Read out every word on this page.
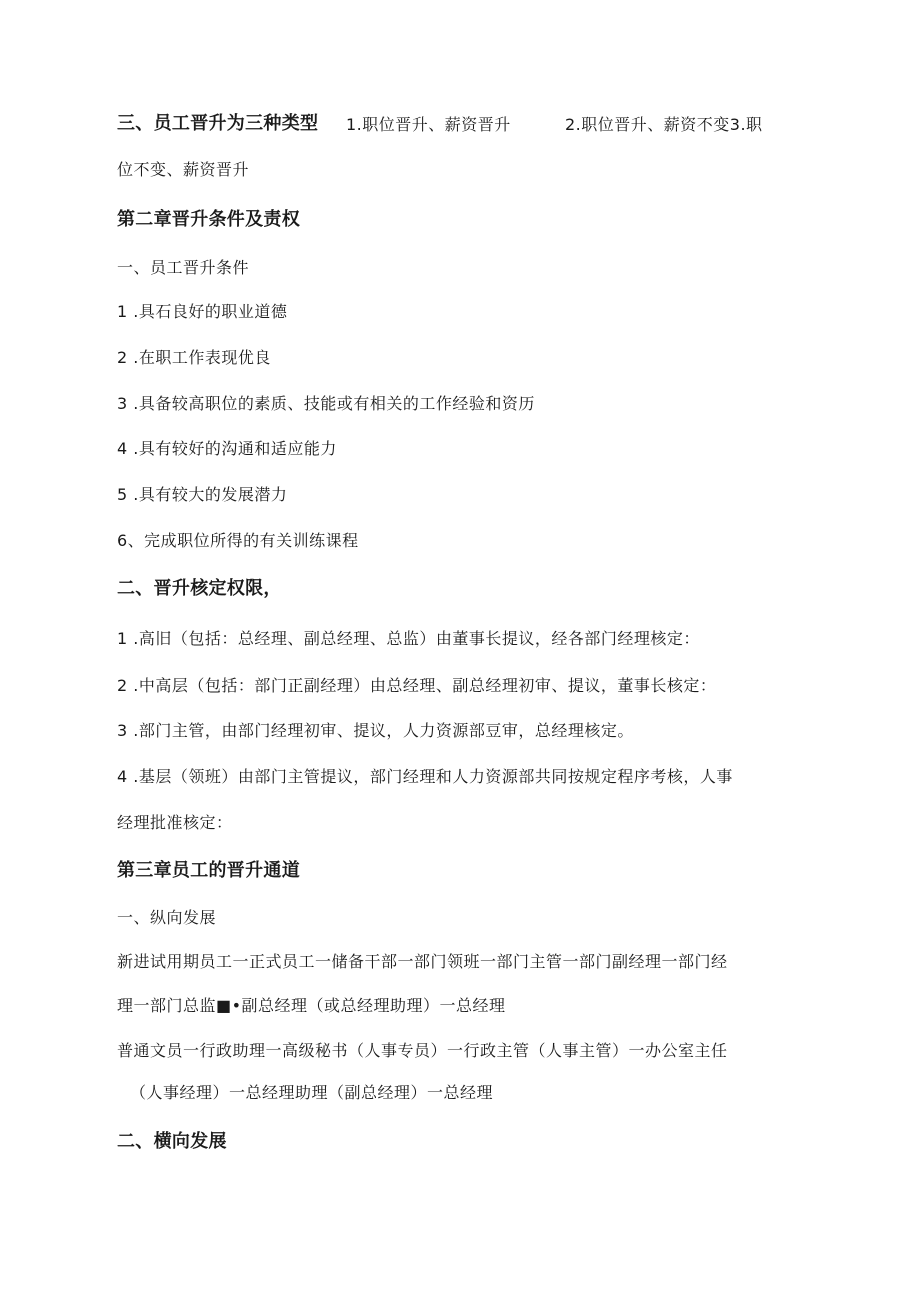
三、员工晋升为三种类型 1.职位晋升、薪资晋升	2.职位晋升、薪资不变3.职
位不变、薪资晋升
第二章晋升条件及责权
一、员工晋升条件
1 .具石良好的职业道德
2 .在职工作表现优良
3 .具备较高职位的素质、技能或有相关的工作经验和资历
4 .具有较好的沟通和适应能力
5 .具有较大的发展潜力
6、完成职位所得的有关训练课程
二、晋升核定权限，
1 .高旧（包括：总经理、副总经理、总监）由董事长提议，经各部门经理核定：
2 .中高层（包括：部门正副经理）由总经理、副总经理初审、提议，董事长核定：
3 .部门主管，由部门经理初审、提议，人力资源部豆审，总经理核定。
4 .基层（领班）由部门主管提议，部门经理和人力资源部共同按规定程序考核，人事
经理批准核定：
第三章员工的晋升通道
一、纵向发展
新进试用期员工一正式员工一储备干部一部门领班一部门主管一部门副经理一部门经
理一部门总监■•副总经理（或总经理助理）一总经理
普通文员一行政助理一高级秘书（人事专员）一行政主管（人事主管）一办公室主任
（人事经理）一总经理助理（副总经理）一总经理
二、横向发展
